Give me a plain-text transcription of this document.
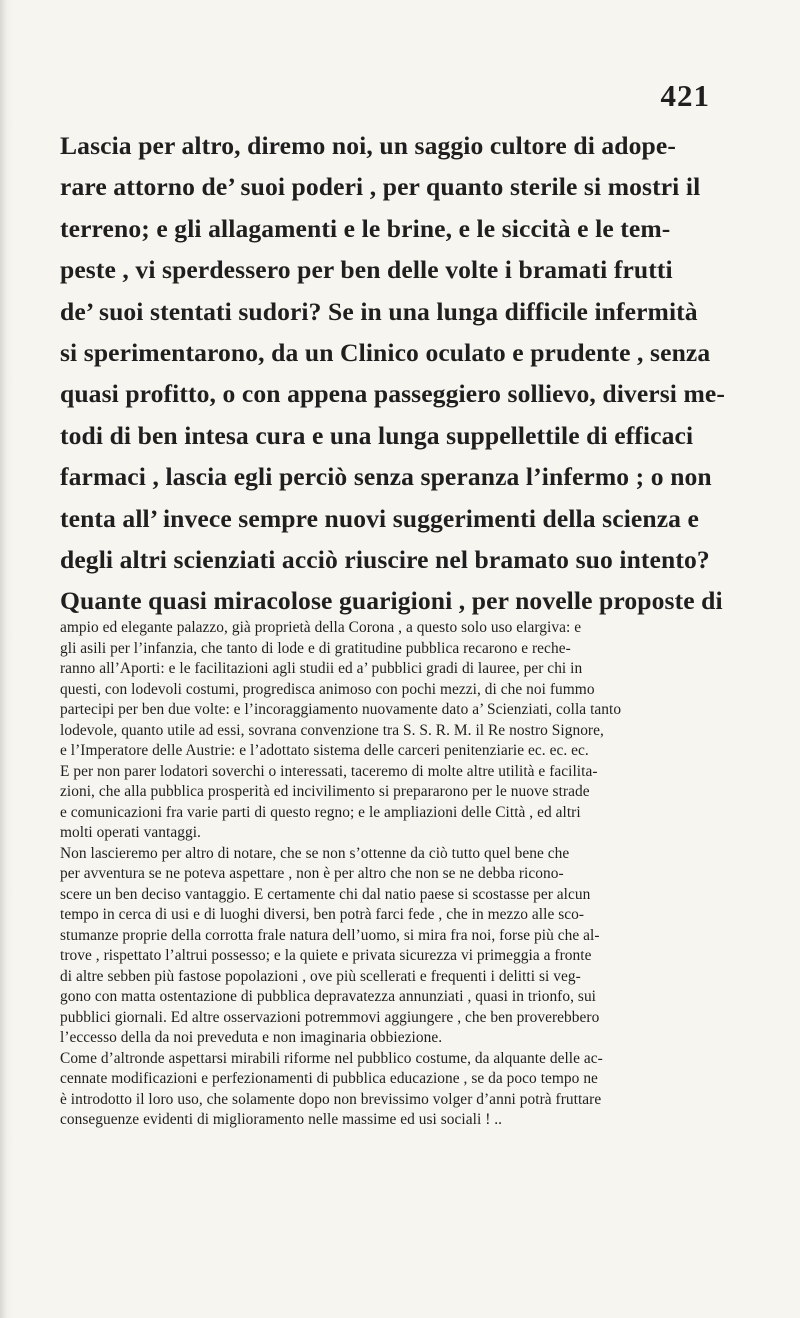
421
Lascia per altro, diremo noi, un saggio cultore di adope-
rare attorno de’ suoi poderi , per quanto sterile si mostri il
terreno; e gli allagamenti e le brine, e le siccità e le tem-
peste , vi sperdessero per ben delle volte i bramati frutti
de’ suoi stentati sudori? Se in una lunga difficile infermità
si sperimentarono, da un Clinico oculato e prudente , senza
quasi profitto, o con appena passeggiero sollievo, diversi me-
todi di ben intesa cura e una lunga suppellettile di efficaci
farmaci , lascia egli perciò senza speranza l’infermo ; o non
tenta all’ invece sempre nuovi suggerimenti della scienza e
degli altri scienziati acciò riuscire nel bramato suo intento?
Quante quasi miracolose guarigioni , per novelle proposte di
ampio ed elegante palazzo, già proprietà della Corona , a questo solo uso elargiva: e
gli asili per l’infanzia, che tanto di lode e di gratitudine pubblica recarono e reche-
ranno all’Aporti: e le facilitazioni agli studii ed a’ pubblici gradi di lauree, per chi in
questi, con lodevoli costumi, progredisca animoso con pochi mezzi, di che noi fummo
partecipi per ben due volte: e l’incoraggiamento nuovamente dato a’ Scienziati, colla tanto
lodevole, quanto utile ad essi, sovrana convenzione tra S. S. R. M. il Re nostro Signore,
e l’Imperatore delle Austrie: e l’adottato sistema delle carceri penitenziarie ec. ec. ec.
E per non parer lodatori soverchi o interessati, taceremo di molte altre utilità e facilita-
zioni, che alla pubblica prosperità ed incivilimento si prepararono per le nuove strade
e comunicazioni fra varie parti di questo regno; e le ampliazioni delle Città , ed altri
molti operati vantaggi.
Non lascieremo per altro di notare, che se non s’ottenne da ciò tutto quel bene che
per avventura se ne poteva aspettare , non è per altro che non se ne debba ricono-
scere un ben deciso vantaggio. E certamente chi dal natio paese si scostasse per alcun
tempo in cerca di usi e di luoghi diversi, ben potrà farci fede , che in mezzo alle sco-
stumanze proprie della corrotta frale natura dell’uomo, si mira fra noi, forse più che al-
trove , rispettato l’altrui possesso; e la quiete e privata sicurezza vi primeggia a fronte
di altre sebben più fastose popolazioni , ove più scellerati e frequenti i delitti si veg-
gono con matta ostentazione di pubblica depravatezza annunziati , quasi in trionfo, sui
pubblici giornali. Ed altre osservazioni potremmovi aggiungere , che ben proverebbero
l’eccesso della da noi preveduta e non imaginaria obbiezione.
Come d’altronde aspettarsi mirabili riforme nel pubblico costume, da alquante delle ac-
cennate modificazioni e perfezionamenti di pubblica educazione , se da poco tempo ne
è introdotto il loro uso, che solamente dopo non brevissimo volger d’anni potrà fruttare
conseguenze evidenti di miglioramento nelle massime ed usi sociali ! ..
